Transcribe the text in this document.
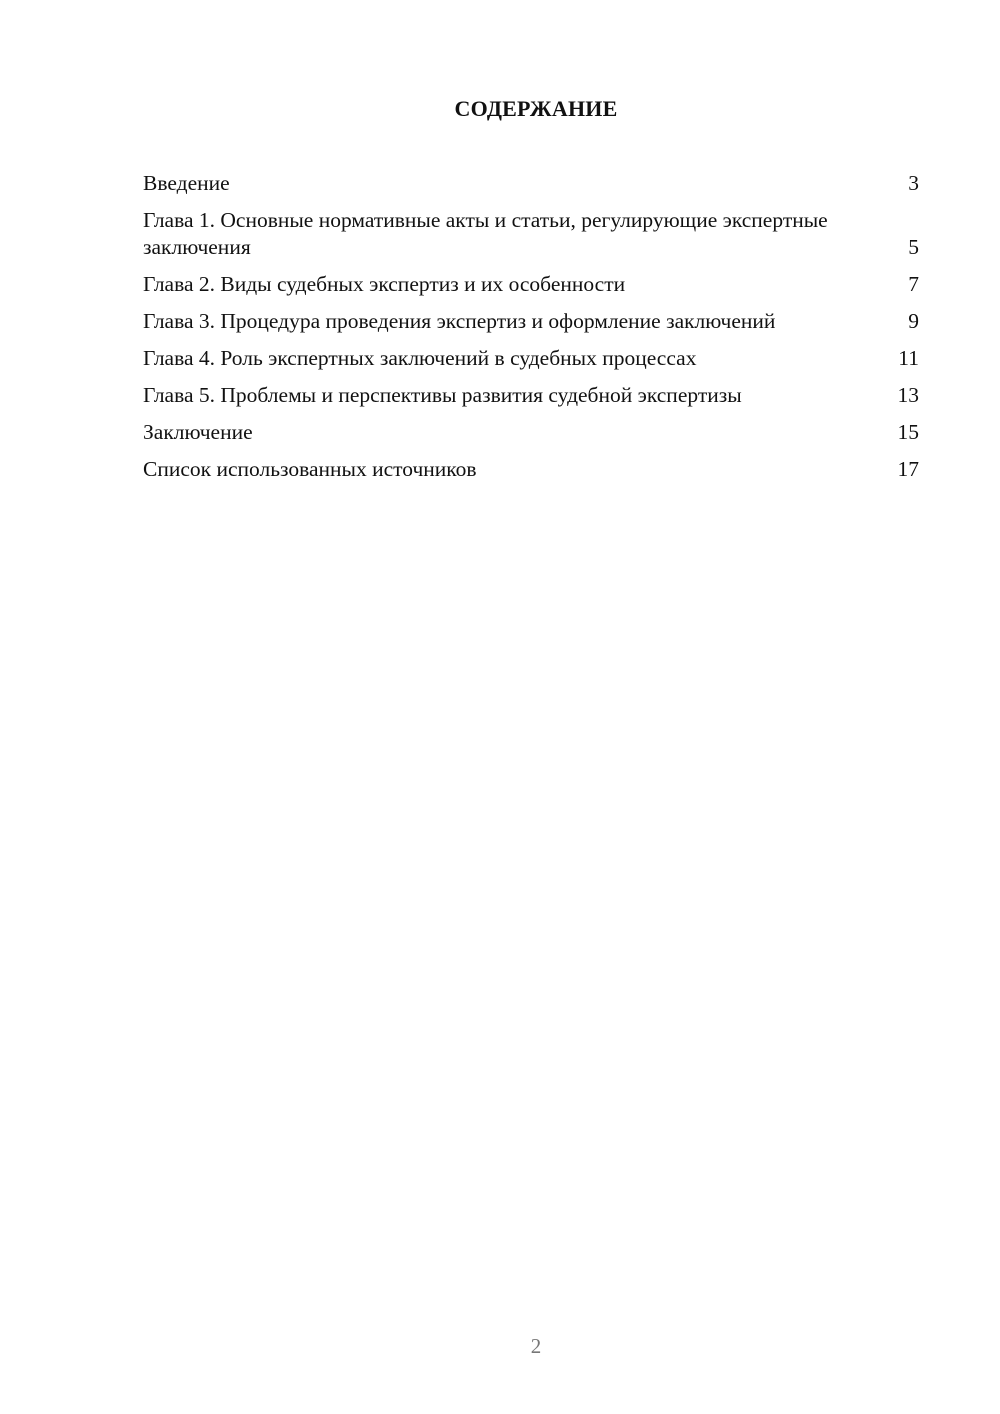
СОДЕРЖАНИЕ
Введение	3
Глава 1. Основные нормативные акты и статьи, регулирующие экспертные заключения	5
Глава 2. Виды судебных экспертиз и их особенности	7
Глава 3. Процедура проведения экспертиз и оформление заключений	9
Глава 4. Роль экспертных заключений в судебных процессах	11
Глава 5. Проблемы и перспективы развития судебной экспертизы	13
Заключение	15
Список использованных источников	17
2
